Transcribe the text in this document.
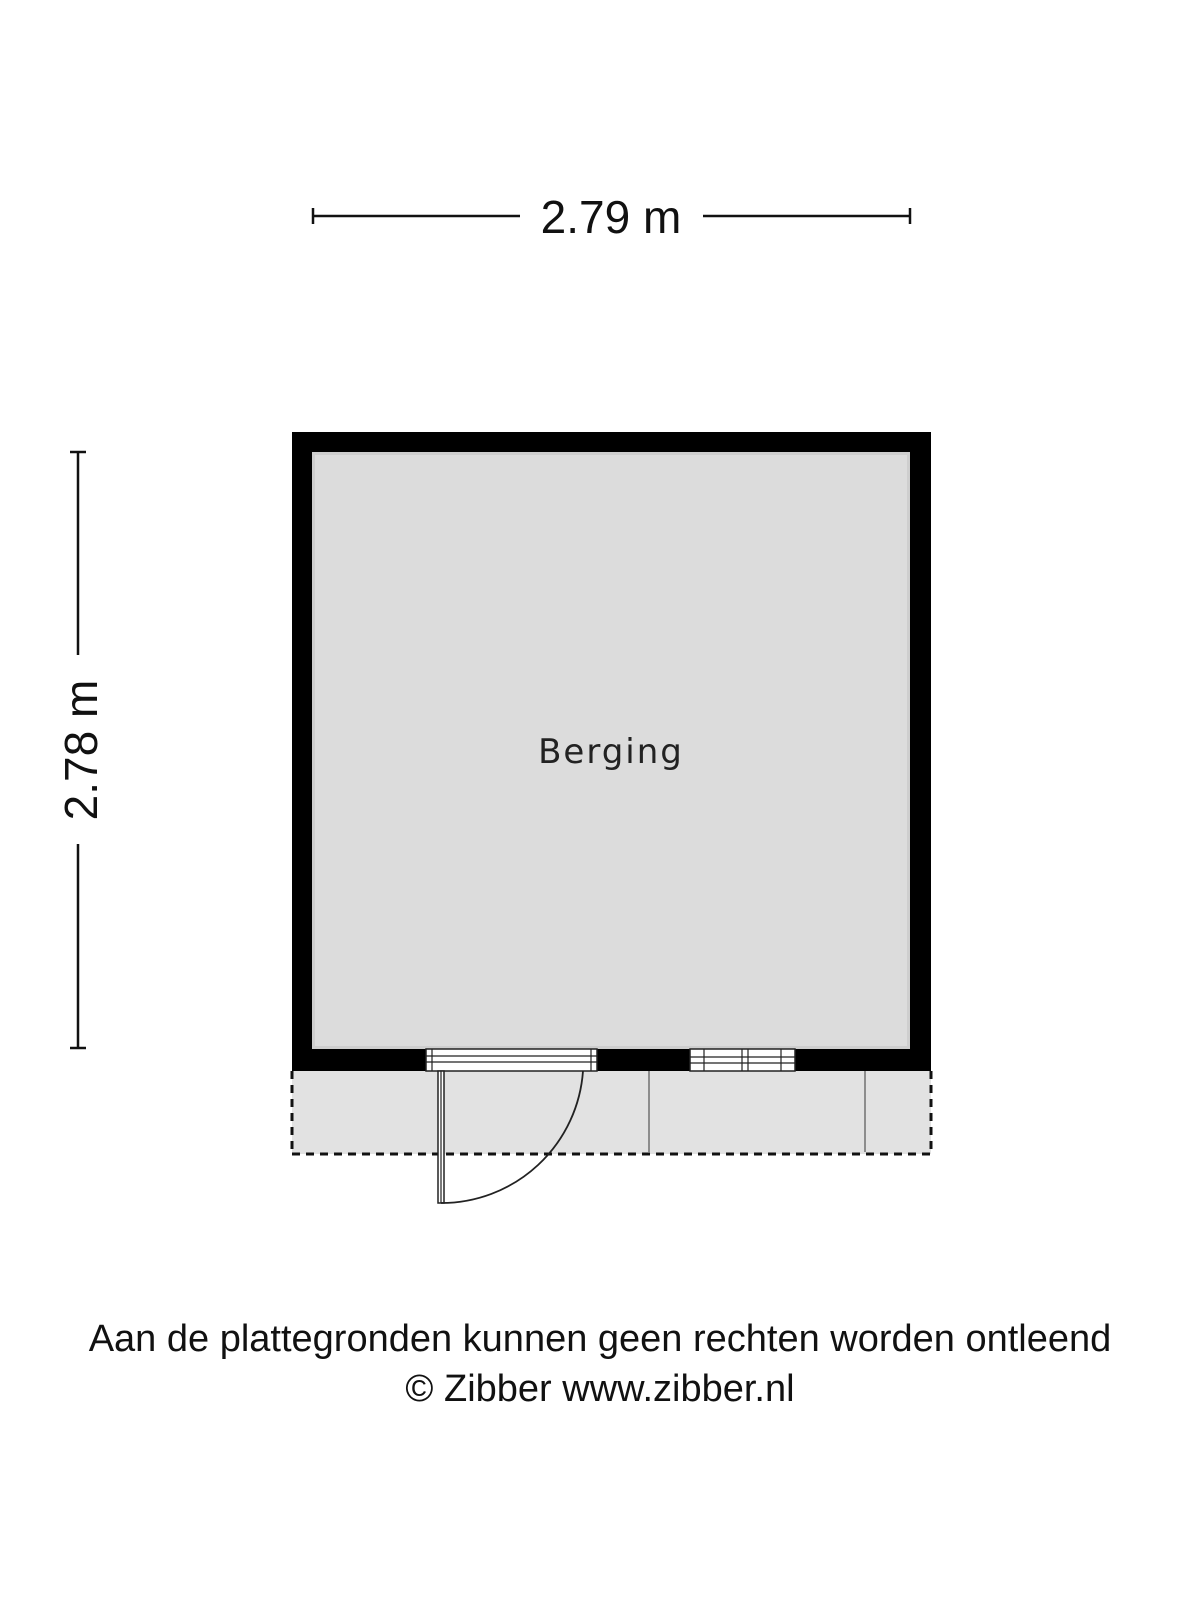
2.79 m
2.78 m	Berging
Aan de plattegronden kunnen geen rechten worden ontleend
© Zibber www.zibber.nl
